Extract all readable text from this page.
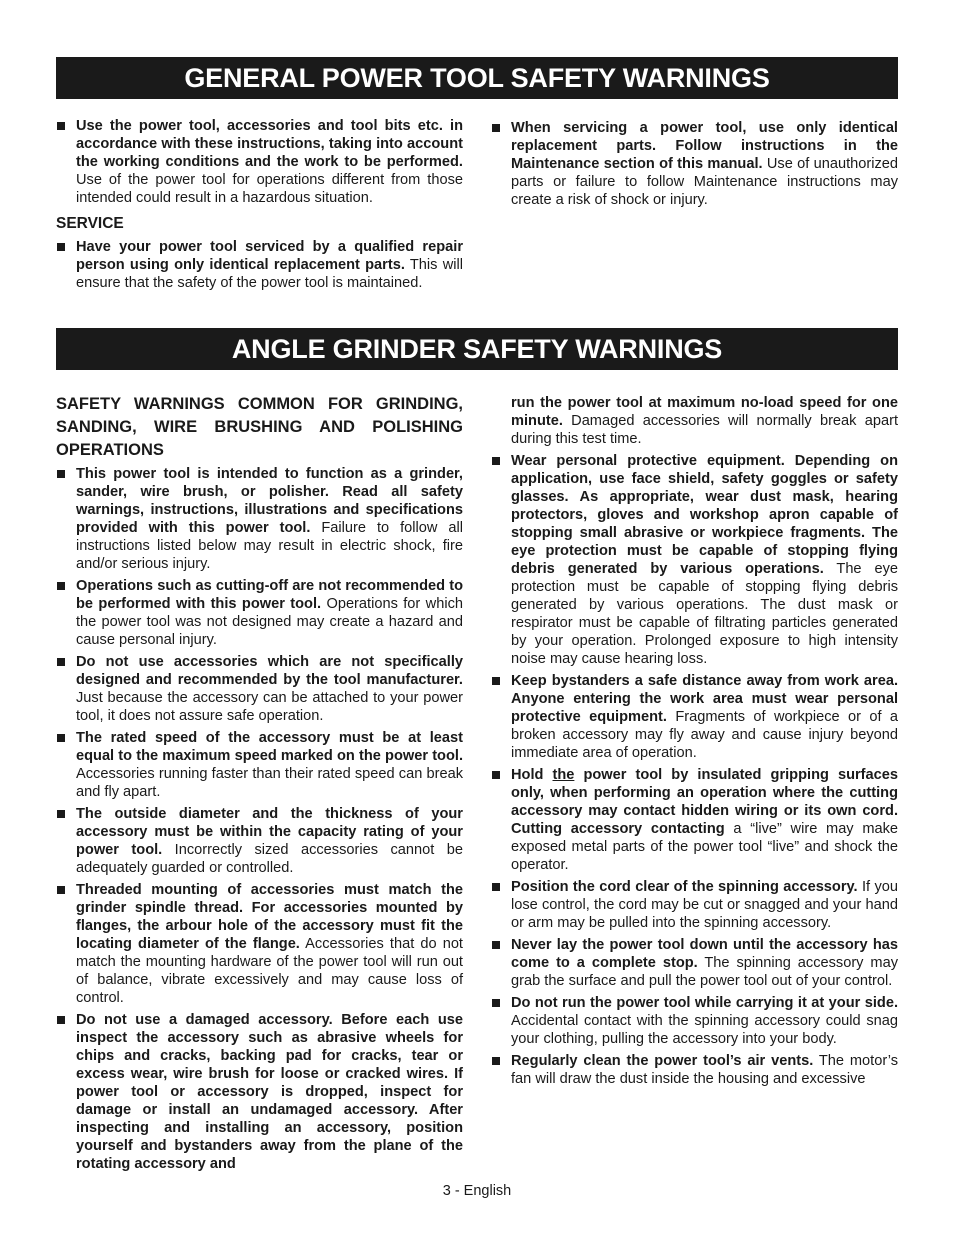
GENERAL POWER TOOL SAFETY WARNINGS
Use the power tool, accessories and tool bits etc. in accordance with these instructions, taking into account the working conditions and the work to be performed. Use of the power tool for operations different from those intended could result in a hazardous situation.
SERVICE
Have your power tool serviced by a qualified repair person using only identical replacement parts. This will ensure that the safety of the power tool is maintained.
When servicing a power tool, use only identical replacement parts. Follow instructions in the Maintenance section of this manual. Use of unauthorized parts or failure to follow Maintenance instructions may create a risk of shock or injury.
ANGLE GRINDER SAFETY WARNINGS
SAFETY WARNINGS COMMON FOR GRINDING, SANDING, WIRE BRUSHING AND POLISHING OPERATIONS
This power tool is intended to function as a grinder, sander, wire brush, or polisher. Read all safety warnings, instructions, illustrations and specifications provided with this power tool. Failure to follow all instructions listed below may result in electric shock, fire and/or serious injury.
Operations such as cutting-off are not recommended to be performed with this power tool. Operations for which the power tool was not designed may create a hazard and cause personal injury.
Do not use accessories which are not specifically designed and recommended by the tool manufacturer. Just because the accessory can be attached to your power tool, it does not assure safe operation.
The rated speed of the accessory must be at least equal to the maximum speed marked on the power tool. Accessories running faster than their rated speed can break and fly apart.
The outside diameter and the thickness of your accessory must be within the capacity rating of your power tool. Incorrectly sized accessories cannot be adequately guarded or controlled.
Threaded mounting of accessories must match the grinder spindle thread. For accessories mounted by flanges, the arbour hole of the accessory must fit the locating diameter of the flange. Accessories that do not match the mounting hardware of the power tool will run out of balance, vibrate excessively and may cause loss of control.
Do not use a damaged accessory. Before each use inspect the accessory such as abrasive wheels for chips and cracks, backing pad for cracks, tear or excess wear, wire brush for loose or cracked wires. If power tool or accessory is dropped, inspect for damage or install an undamaged accessory. After inspecting and installing an accessory, position yourself and bystanders away from the plane of the rotating accessory and
run the power tool at maximum no-load speed for one minute. Damaged accessories will normally break apart during this test time.
Wear personal protective equipment. Depending on application, use face shield, safety goggles or safety glasses. As appropriate, wear dust mask, hearing protectors, gloves and workshop apron capable of stopping small abrasive or workpiece fragments. The eye protection must be capable of stopping flying debris generated by various operations. The eye protection must be capable of stopping flying debris generated by various operations. The dust mask or respirator must be capable of filtrating particles generated by your operation. Prolonged exposure to high intensity noise may cause hearing loss.
Keep bystanders a safe distance away from work area. Anyone entering the work area must wear personal protective equipment. Fragments of workpiece or of a broken accessory may fly away and cause injury beyond immediate area of operation.
Hold the power tool by insulated gripping surfaces only, when performing an operation where the cutting accessory may contact hidden wiring or its own cord. Cutting accessory contacting a “live” wire may make exposed metal parts of the power tool “live” and shock the operator.
Position the cord clear of the spinning accessory. If you lose control, the cord may be cut or snagged and your hand or arm may be pulled into the spinning accessory.
Never lay the power tool down until the accessory has come to a complete stop. The spinning accessory may grab the surface and pull the power tool out of your control.
Do not run the power tool while carrying it at your side. Accidental contact with the spinning accessory could snag your clothing, pulling the accessory into your body.
Regularly clean the power tool’s air vents. The motor’s fan will draw the dust inside the housing and excessive
3 - English
